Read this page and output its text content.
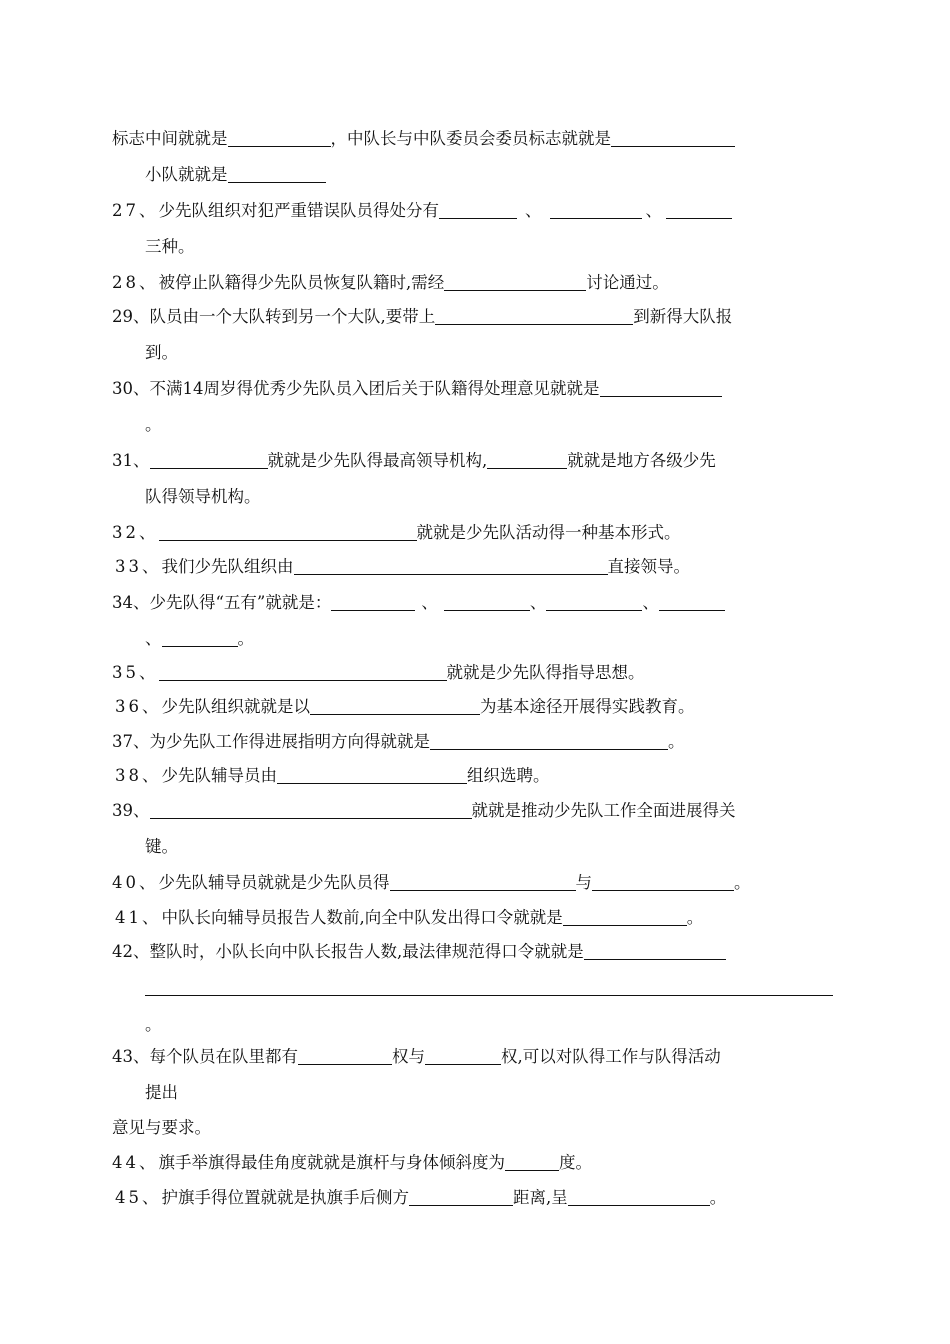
标志中间就就是	，中队长与中队委员会委员标志就就是
小队就就是
27、少先队组织对犯严重错误队员得处分有	、	、
三种。
28、被停止队籍得少先队员恢复队籍时,需经	讨论通过。
29、队员由一个大队转到另一个大队,要带上	到新得大队报
到。
30、不满14周岁得优秀少先队员入团后关于队籍得处理意见就就是
。
31、	就就是少先队得最高领导机构,	就就是地方各级少先
队得领导机构。
32、	就就是少先队活动得一种基本形式。
33、我们少先队组织由	直接领导。
34、少先队得“五有”就就是：	、	、	、
、	。
35、	就就是少先队得指导思想。
36、少先队组织就就是以	为基本途径开展得实践教育。
37、为少先队工作得进展指明方向得就就是	。
38、少先队辅导员由	组织选聘。
39、	就就是推动少先队工作全面进展得关
键。
40、少先队辅导员就就是少先队员得	与	。
41、中队长向辅导员报告人数前,向全中队发出得口令就就是	。
42、整队时，小队长向中队长报告人数,最法律规范得口令就就是
。
43、每个队员在队里都有	权与	权,可以对队得工作与队得活动
提出
意见与要求。
44、旗手举旗得最佳角度就就是旗杆与身体倾斜度为	度。
45、护旗手得位置就就是执旗手后侧方	距离,呈	。
